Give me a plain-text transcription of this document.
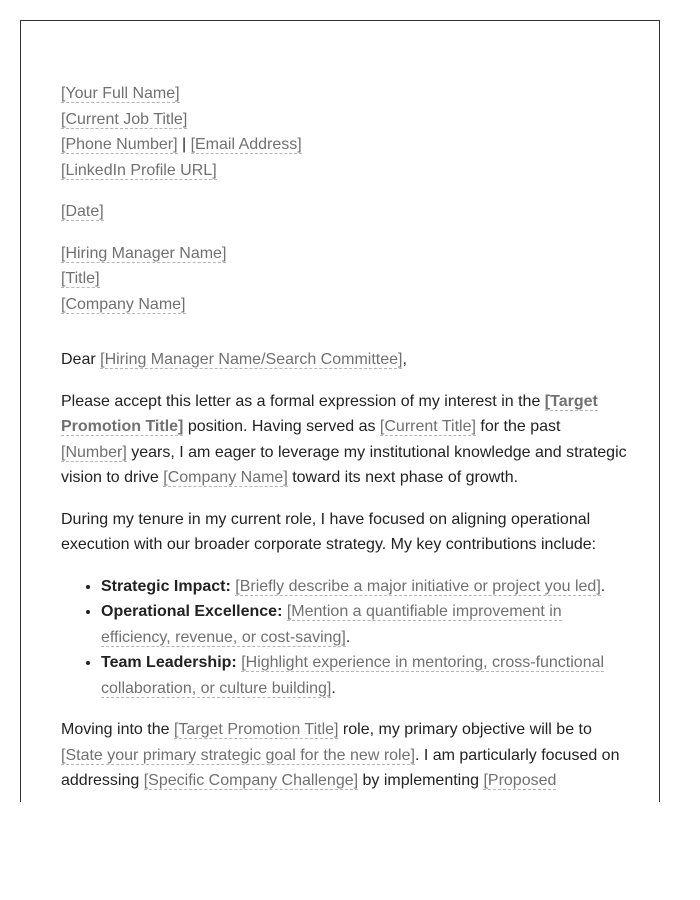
[Your Full Name]
[Current Job Title]
[Phone Number] | [Email Address]
[LinkedIn Profile URL]
[Date]
[Hiring Manager Name]
[Title]
[Company Name]

Dear [Hiring Manager Name/Search Committee],

Please accept this letter as a formal expression of my interest in the [Target Promotion Title] position. Having served as [Current Title] for the past [Number] years, I am eager to leverage my institutional knowledge and strategic vision to drive [Company Name] toward its next phase of growth.

During my tenure in my current role, I have focused on aligning operational execution with our broader corporate strategy. My key contributions include:

• Strategic Impact: [Briefly describe a major initiative or project you led].
• Operational Excellence: [Mention a quantifiable improvement in efficiency, revenue, or cost-saving].
• Team Leadership: [Highlight experience in mentoring, cross-functional collaboration, or culture building].

Moving into the [Target Promotion Title] role, my primary objective will be to [State your primary strategic goal for the new role]. I am particularly focused on addressing [Specific Company Challenge] by implementing [Proposed
